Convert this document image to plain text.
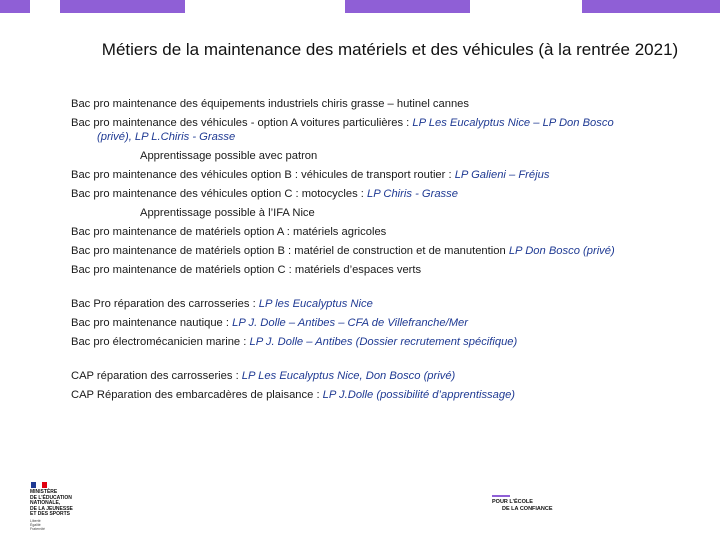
Métiers de la maintenance des matériels et des véhicules (à la rentrée 2021)

Bac pro maintenance des équipements industriels chiris grasse – hutinel cannes

Bac pro maintenance des véhicules - option A voitures particulières : LP Les Eucalyptus Nice – LP Don Bosco
(privé), LP L.Chiris - Grasse

Apprentissage possible avec patron

Bac pro maintenance des véhicules option B : véhicules de transport routier : LP Galieni – Fréjus

Bac pro maintenance des véhicules option C : motocycles : LP Chiris - Grasse

Apprentissage possible à l’IFA Nice

Bac pro maintenance de matériels option A : matériels agricoles

Bac pro maintenance de matériels option B : matériel de construction et de manutention LP Don Bosco (privé)

Bac pro maintenance de matériels option C : matériels d’espaces verts

Bac Pro réparation des carrosseries : LP les Eucalyptus Nice

Bac pro maintenance nautique : LP J. Dolle – Antibes – CFA de Villefranche/Mer

Bac pro électromécanicien marine : LP J. Dolle – Antibes (Dossier recrutement spécifique)

CAP réparation des carrosseries : LP Les Eucalyptus Nice, Don Bosco (privé)

CAP Réparation des embarcadères de plaisance : LP J.Dolle (possibilité d’apprentissage)

MINISTÈRE
DE L’ÉDUCATION
NATIONALE,
DE LA JEUNESSE
ET DES SPORTS
Liberté
Égalité
Fraternité
POUR L’ÉCOLE
DE LA CONFIANCE
